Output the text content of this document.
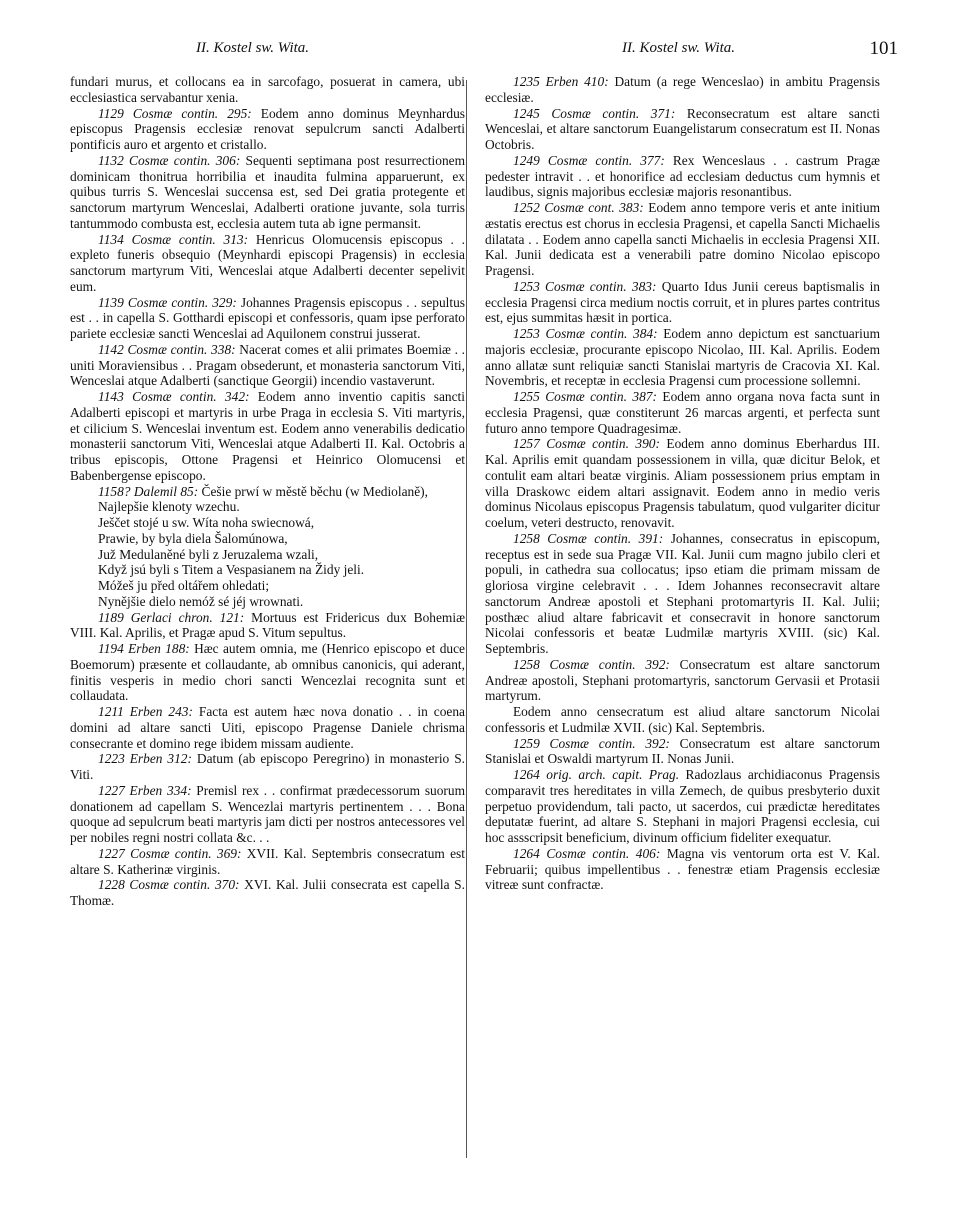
II. Kostel sw. Wita.	II. Kostel sw. Wita.	101

fundari murus, et collocans ea in sarcofago, posuerat in camera, ubi ecclesiastica servabantur xenia.

1129 Cosmæ contin. 295: Eodem anno dominus Meynhardus episcopus Pragensis ecclesiæ renovat sepulcrum sancti Adalberti pontificis auro et argento et cristallo.

1132 Cosmæ contin. 306: Sequenti septimana post resurrectionem dominicam thonitrua horribilia et inaudita fulmina apparuerunt, ex quibus turris S. Wenceslai succensa est, sed Dei gratia protegente et sanctorum martyrum Wenceslai, Adalberti oratione juvante, sola turris tantummodo combusta est, ecclesia autem tuta ab igne permansit.

1134 Cosmæ contin. 313: Henricus Olomucensis episcopus . . expleto funeris obsequio (Meynhardi episcopi Pragensis) in ecclesia sanctorum martyrum Viti, Wenceslai atque Adalberti decenter sepelivit eum.

1139 Cosmæ contin. 329: Johannes Pragensis episcopus . . sepultus est . . in capella S. Gotthardi episcopi et confessoris, quam ipse perforato pariete ecclesiæ sancti Wenceslai ad Aquilonem construi jusserat.

1142 Cosmæ contin. 338: Nacerat comes et alii primates Boemiæ . . uniti Moraviensibus . . Pragam obsederunt, et monasteria sanctorum Viti, Wenceslai atque Adalberti (sanctique Georgii) incendio vastaverunt.

1143 Cosmæ contin. 342: Eodem anno inventio capitis sancti Adalberti episcopi et martyris in urbe Praga in ecclesia S. Viti martyris, et cilicium S. Wenceslai inventum est. Eodem anno venerabilis dedicatio monasterii sanctorum Viti, Wenceslai atque Adalberti II. Kal. Octobris a tribus episcopis, Ottone Pragensi et Heinrico Olomucensi et Babenbergense episcopo.

1158? Dalemil 85: Češie prwí w městě běchu (w Mediolaně),

Najlepšie klenoty wzechu.
Ješčet stojé u sw. Wíta noha swiecnowá,
Prawie, by byla diela Šalomúnowa,
Juž Medulaněné byli z Jeruzalema wzali,
Když jsú byli s Titem a Vespasianem na Židy jeli.
Móžeš ju před oltářem ohledati;
Nynějšie dielo nemóž sé jéj wrownati.

1189 Gerlaci chron. 121: Mortuus est Fridericus dux Bohemiæ VIII. Kal. Aprilis, et Pragæ apud S. Vitum sepultus.

1194 Erben 188: Hæc autem omnia, me (Henrico episcopo et duce Boemorum) præsente et collaudante, ab omnibus canonicis, qui aderant, finitis vesperis in medio chori sancti Wencezlai recognita sunt et collaudata.

1211 Erben 243: Facta est autem hæc nova donatio . . in coena domini ad altare sancti Uiti, episcopo Pragense Daniele chrisma consecrante et domino rege ibidem missam audiente.

1223 Erben 312: Datum (ab episcopo Peregrino) in monasterio S. Viti.

1227 Erben 334: Premisl rex . . confirmat prædecessorum suorum donationem ad capellam S. Wencezlai martyris pertinentem . . . Bona quoque ad sepulcrum beati martyris jam dicti per nostros antecessores vel per nobiles regni nostri collata &c. . .

1227 Cosmæ contin. 369: XVII. Kal. Septembris consecratum est altare S. Katherinæ virginis.

1228 Cosmæ contin. 370: XVI. Kal. Julii consecrata est capella S. Thomæ.

1235 Erben 410: Datum (a rege Wenceslao) in ambitu Pragensis ecclesiæ.

1245 Cosmæ contin. 371: Reconsecratum est altare sancti Wenceslai, et altare sanctorum Euangelistarum consecratum est II. Nonas Octobris.

1249 Cosmæ contin. 377: Rex Wenceslaus . . castrum Pragæ pedester intravit . . et honorifice ad ecclesiam deductus cum hymnis et laudibus, signis majoribus ecclesiæ majoris resonantibus.

1252 Cosmæ cont. 383: Eodem anno tempore veris et ante initium æstatis erectus est chorus in ecclesia Pragensi, et capella Sancti Michaelis dilatata . . Eodem anno capella sancti Michaelis in ecclesia Pragensi XII. Kal. Junii dedicata est a venerabili patre domino Nicolao episcopo Pragensi.

1253 Cosmæ contin. 383: Quarto Idus Junii cereus baptismalis in ecclesia Pragensi circa medium noctis corruit, et in plures partes contritus est, ejus summitas hæsit in portica.

1253 Cosmæ contin. 384: Eodem anno depictum est sanctuarium majoris ecclesiæ, procurante episcopo Nicolao, III. Kal. Aprilis. Eodem anno allatæ sunt reliquiæ sancti Stanislai martyris de Cracovia XI. Kal. Novembris, et receptæ in ecclesia Pragensi cum processione sollemni.

1255 Cosmæ contin. 387: Eodem anno organa nova facta sunt in ecclesia Pragensi, quæ constiterunt 26 marcas argenti, et perfecta sunt futuro anno tempore Quadragesimæ.

1257 Cosmæ contin. 390: Eodem anno dominus Eberhardus III. Kal. Aprilis emit quandam possessionem in villa, quæ dicitur Belok, et contulit eam altari beatæ virginis. Aliam possessionem prius emptam in villa Draskowc eidem altari assignavit. Eodem anno in medio veris dominus Nicolaus episcopus Pragensis tabulatum, quod vulgariter dicitur coelum, veteri destructo, renovavit.

1258 Cosmæ contin. 391: Johannes, consecratus in episcopum, receptus est in sede sua Pragæ VII. Kal. Junii cum magno jubilo cleri et populi, in cathedra sua collocatus; ipso etiam die primam missam de gloriosa virgine celebravit . . . Idem Johannes reconsecravit altare sanctorum Andreæ apostoli et Stephani protomartyris II. Kal. Julii; posthæc aliud altare fabricavit et consecravit in honore sanctorum Nicolai confessoris et beatæ Ludmilæ martyris XVIII. (sic) Kal. Septembris.

1258 Cosmæ contin. 392: Consecratum est altare sanctorum Andreæ apostoli, Stephani protomartyris, sanctorum Gervasii et Protasii martyrum.

Eodem anno censecratum est aliud altare sanctorum Nicolai confessoris et Ludmilæ XVII. (sic) Kal. Septembris.

1259 Cosmæ contin. 392: Consecratum est altare sanctorum Stanislai et Oswaldi martyrum II. Nonas Junii.

1264 orig. arch. capit. Prag. Radozlaus archidiaconus Pragensis comparavit tres hereditates in villa Zemech, de quibus presbyterio duxit perpetuo providendum, tali pacto, ut sacerdos, cui prædictæ hereditates deputatæ fuerint, ad altare S. Stephani in majori Pragensi ecclesia, cui hoc assscripsit beneficium, divinum officium fideliter exequatur.

1264 Cosmæ contin. 406: Magna vis ventorum orta est V. Kal. Februarii; quibus impellentibus . . fenestræ etiam Pragensis ecclesiæ vitreæ sunt confractæ.
